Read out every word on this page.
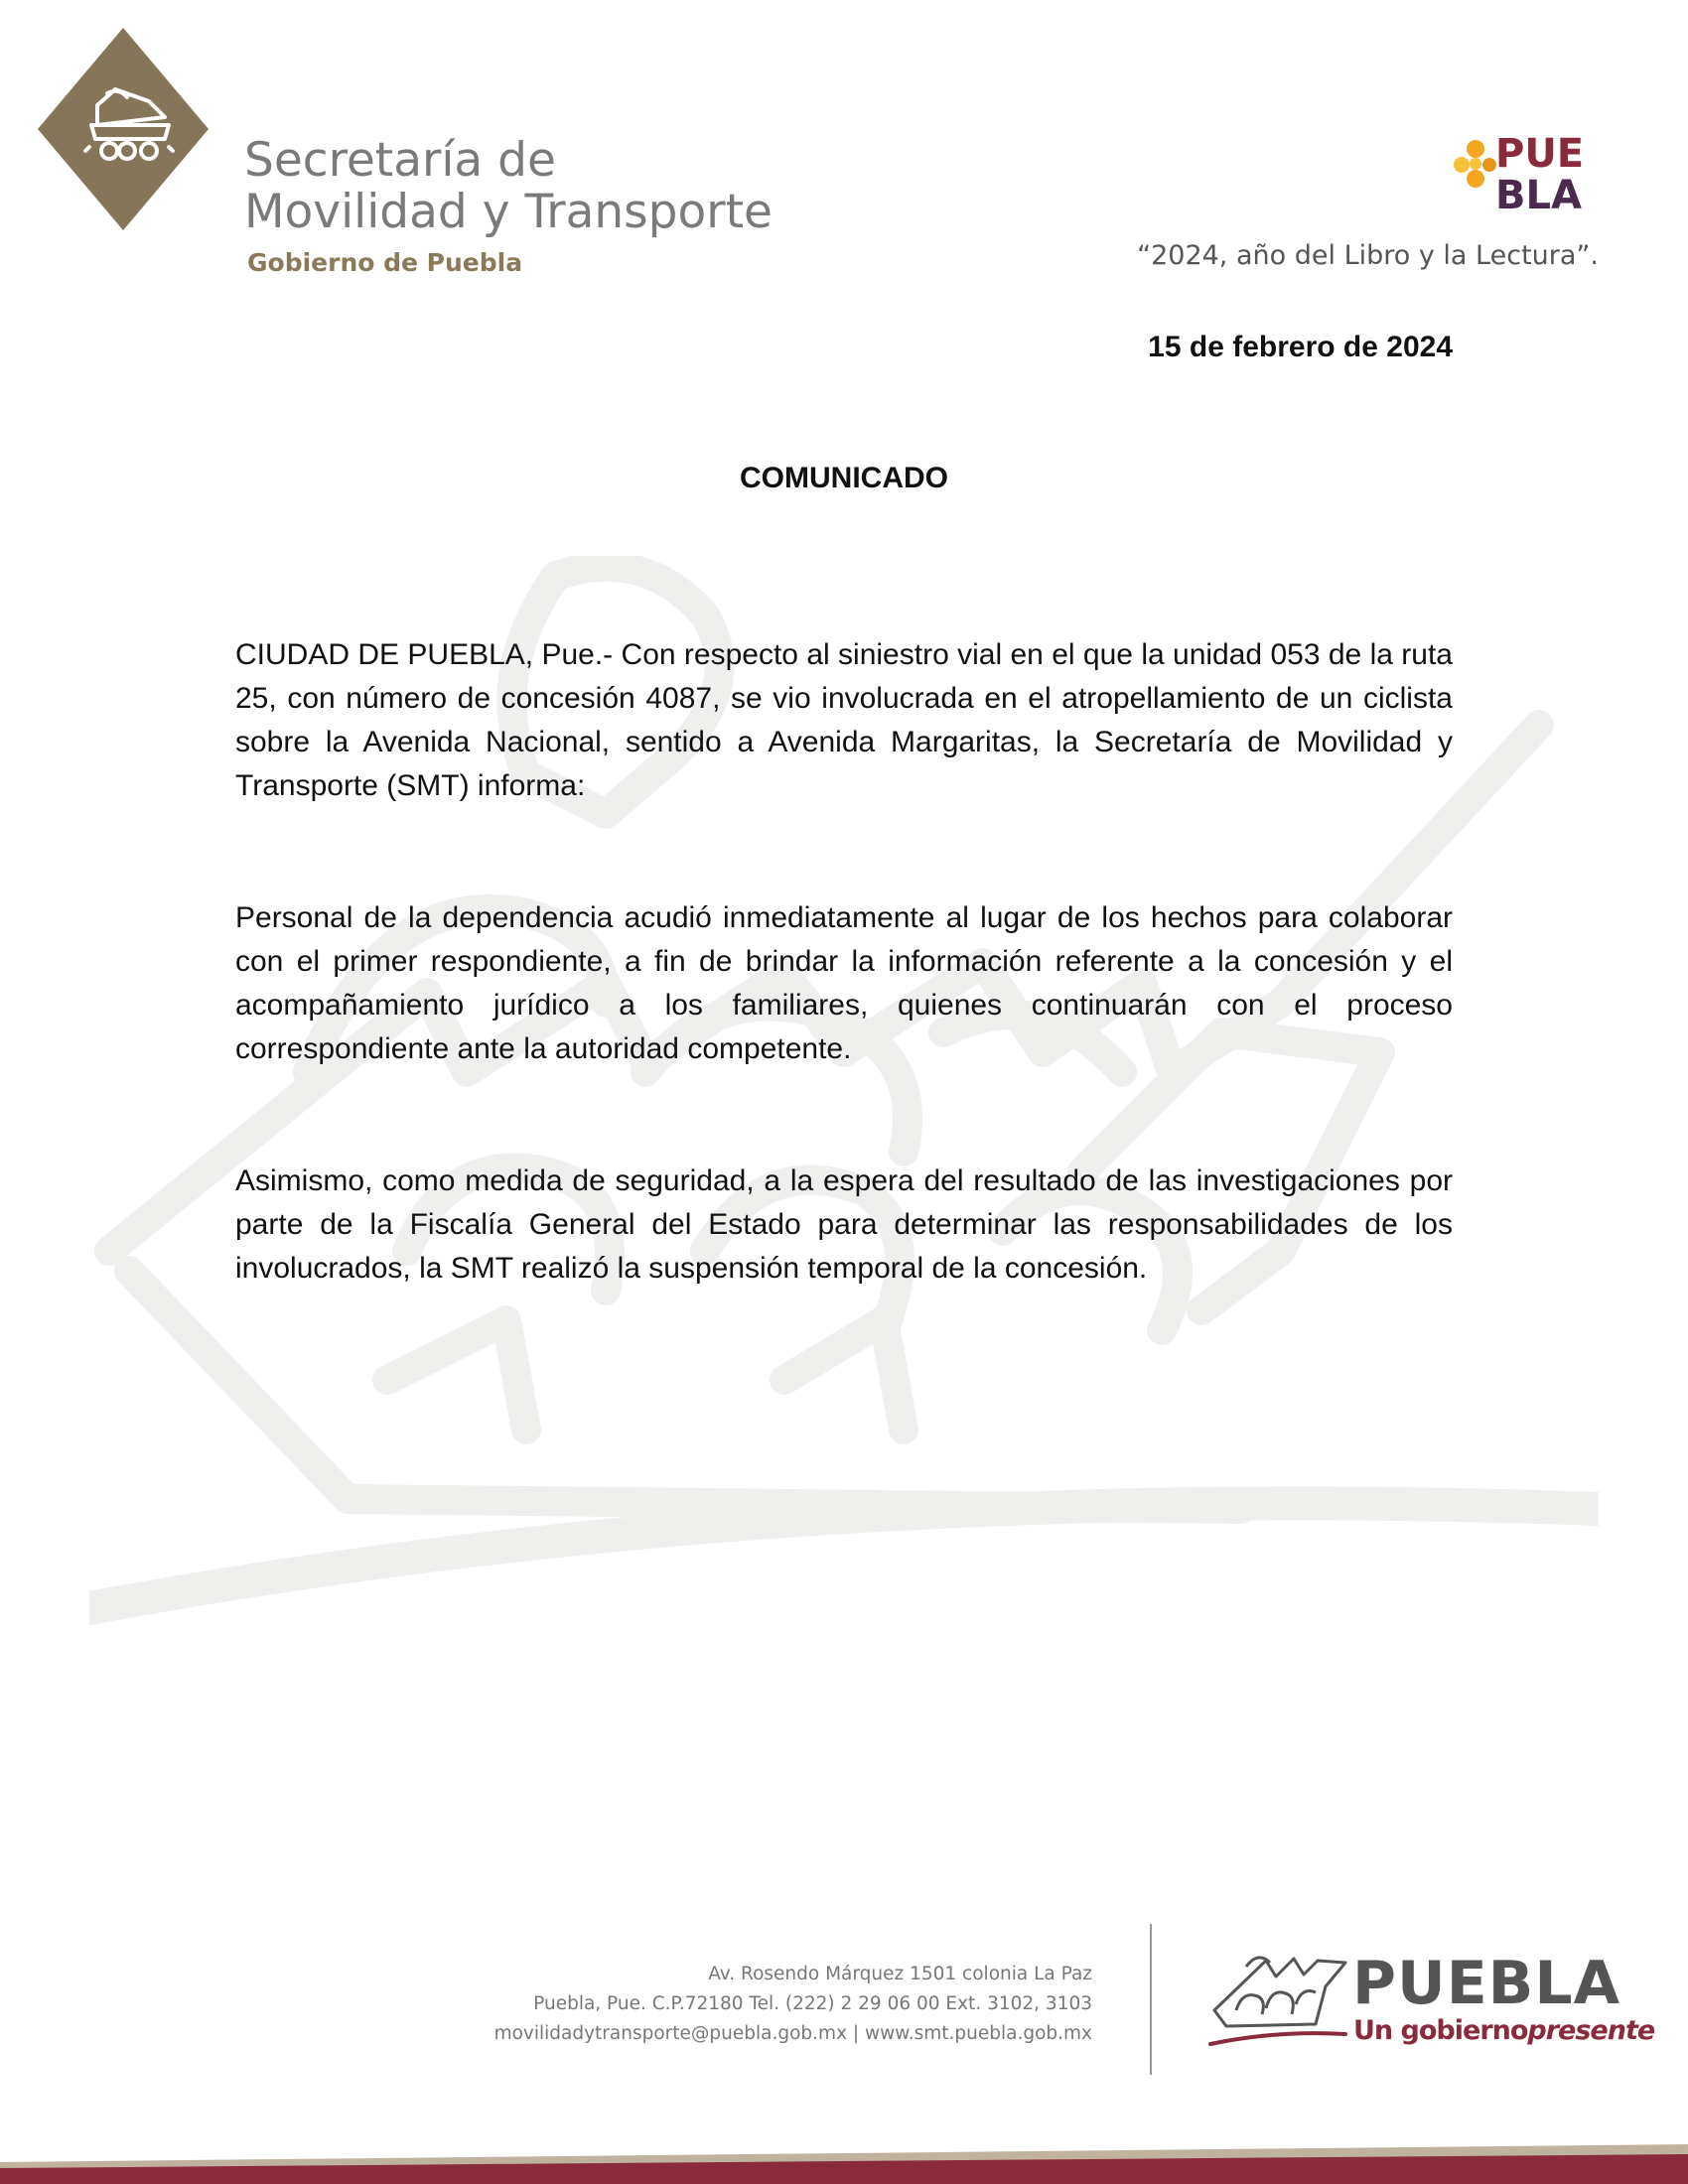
Secretaría de
Movilidad y Transporte
Gobierno de Puebla
PUE
BLA
“2024, año del Libro y la Lectura”.
15 de febrero de 2024
COMUNICADO
CIUDAD DE PUEBLA, Pue.- Con respecto al siniestro vial en el que la unidad 053 de la ruta 25, con número de concesión 4087, se vio involucrada en el atropellamiento de un ciclista sobre la Avenida Nacional, sentido a Avenida Margaritas, la Secretaría de Movilidad y Transporte (SMT) informa:
Personal de la dependencia acudió inmediatamente al lugar de los hechos para colaborar con el primer respondiente, a fin de brindar la información referente a la concesión y el acompañamiento jurídico a los familiares, quienes continuarán con el proceso correspondiente ante la autoridad competente.
Asimismo, como medida de seguridad, a la espera del resultado de las investigaciones por parte de la Fiscalía General del Estado para determinar las responsabilidades de los involucrados, la SMT realizó la suspensión temporal de la concesión.
Av. Rosendo Márquez 1501 colonia La Paz
Puebla, Pue. C.P.72180 Tel. (222) 2 29 06 00 Ext. 3102, 3103
movilidadytransporte@puebla.gob.mx | www.smt.puebla.gob.mx
PUEBLA
Un gobiernopresente
